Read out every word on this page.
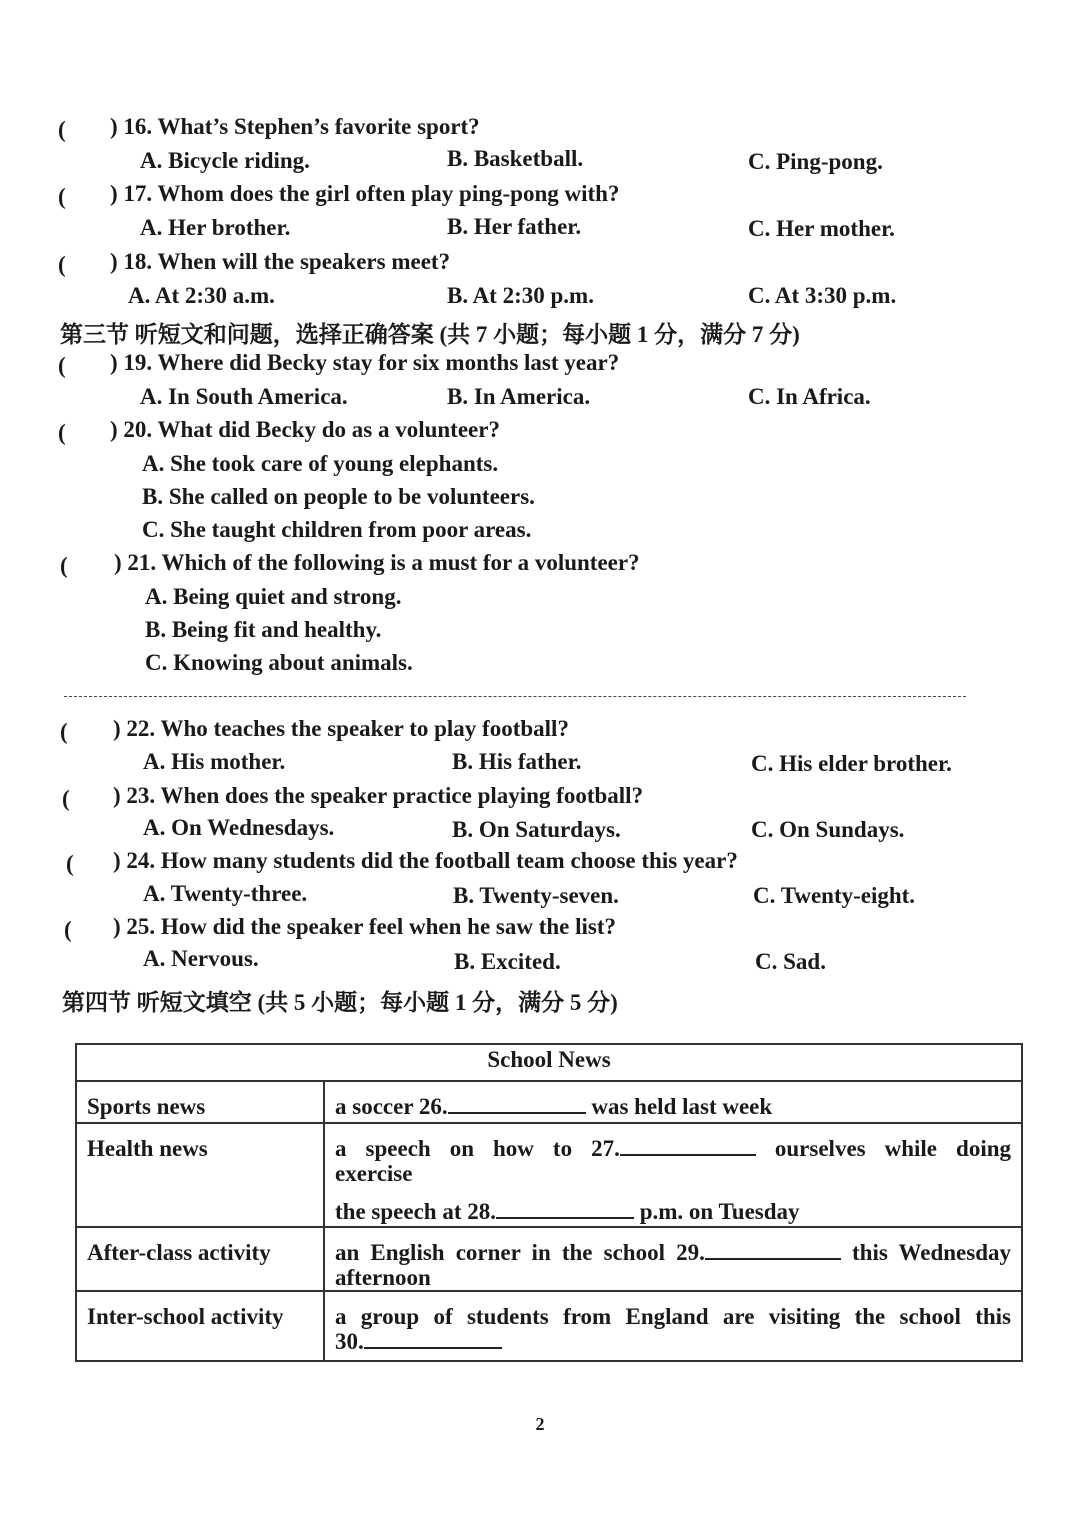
( ) 16. What’s Stephen’s favorite sport?
A. Bicycle riding.	B. Basketball.	C. Ping-pong.
( ) 17. Whom does the girl often play ping-pong with?
A. Her brother.	B. Her father.	C. Her mother.
( ) 18. When will the speakers meet?
A. At 2:30 a.m.	B. At 2:30 p.m.	C. At 3:30 p.m.
第三节 听短文和问题，选择正确答案 (共 7 小题；每小题 1 分，满分 7 分)
( ) 19. Where did Becky stay for six months last year?
A. In South America.	B. In America.	C. In Africa.
( ) 20. What did Becky do as a volunteer?
A. She took care of young elephants.
B. She called on people to be volunteers.
C. She taught children from poor areas.
( ) 21. Which of the following is a must for a volunteer?
A. Being quiet and strong.
B. Being fit and healthy.
C. Knowing about animals.
( ) 22. Who teaches the speaker to play football?
A. His mother.	B. His father.	C. His elder brother.
( ) 23. When does the speaker practice playing football?
A. On Wednesdays.	B. On Saturdays.	C. On Sundays.
( ) 24. How many students did the football team choose this year?
A. Twenty-three.	B. Twenty-seven.	C. Twenty-eight.
( ) 25. How did the speaker feel when he saw the list?
A. Nervous.	B. Excited.	C. Sad.
第四节 听短文填空 (共 5 小题；每小题 1 分，满分 5 分)
School News	
Sports news	a soccer 26. was held last week
Health news	a speech on how to 27. ourselves while doing exercise
the speech at 28. p.m. on Tuesday

After-class activity	an English corner in the school 29. this Wednesday afternoon

Inter-school activity	a group of students from England are visiting the school this 30.
2
